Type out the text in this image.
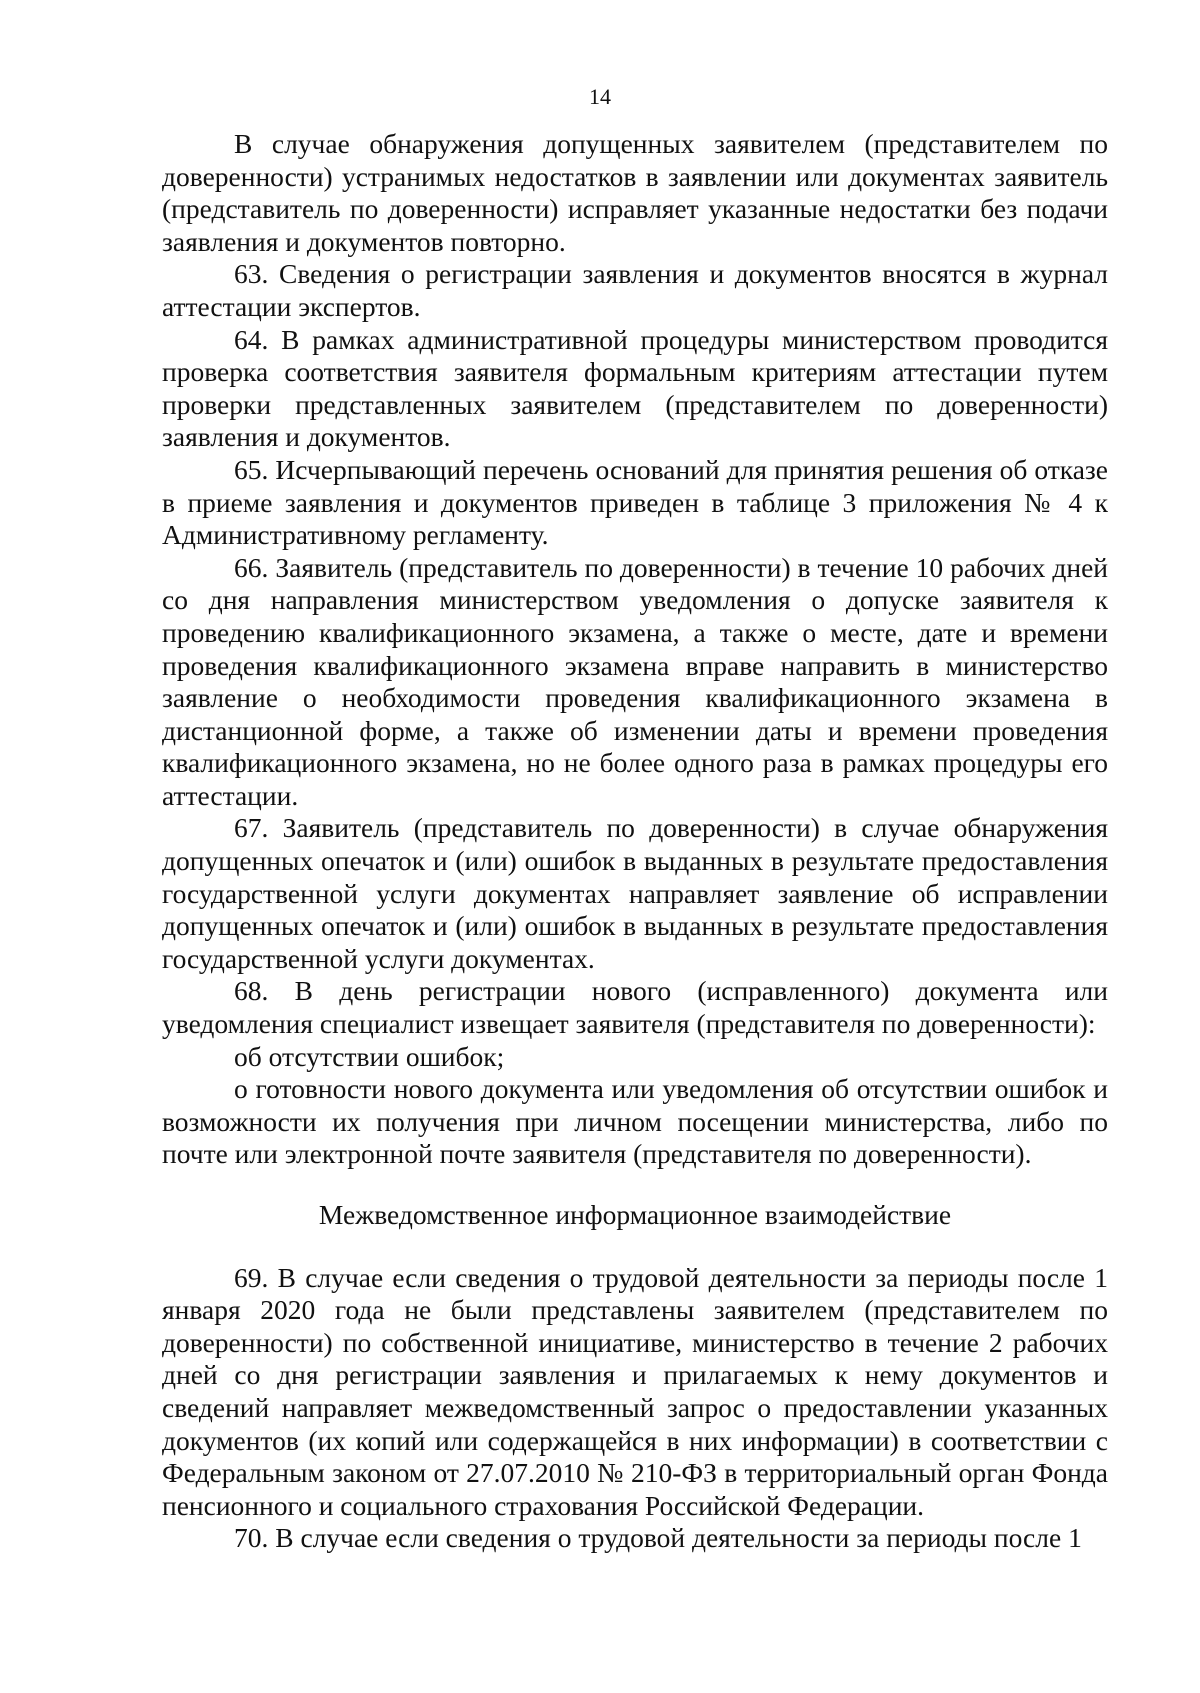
14

В случае обнаружения допущенных заявителем (представителем по доверенности) устранимых недостатков в заявлении или документах заявитель (представитель по доверенности) исправляет указанные недостатки без подачи заявления и документов повторно.

63. Сведения о регистрации заявления и документов вносятся в журнал аттестации экспертов.

64. В рамках административной процедуры министерством проводится проверка соответствия заявителя формальным критериям аттестации путем проверки представленных заявителем (представителем по доверенности) заявления и документов.

65. Исчерпывающий перечень оснований для принятия решения об отказе в приеме заявления и документов приведен в таблице 3 приложения № 4 к Административному регламенту.

66. Заявитель (представитель по доверенности) в течение 10 рабочих дней со дня направления министерством уведомления о допуске заявителя к проведению квалификационного экзамена, а также о месте, дате и времени проведения квалификационного экзамена вправе направить в министерство заявление о необходимости проведения квалификационного экзамена в дистанционной форме, а также об изменении даты и времени проведения квалификационного экзамена, но не более одного раза в рамках процедуры его аттестации.

67. Заявитель (представитель по доверенности) в случае обнаружения допущенных опечаток и (или) ошибок в выданных в результате предоставления государственной услуги документах направляет заявление об исправлении допущенных опечаток и (или) ошибок в выданных в результате предоставления государственной услуги документах.

68. В день регистрации нового (исправленного) документа или уведомления специалист извещает заявителя (представителя по доверенности):

об отсутствии ошибок;

о готовности нового документа или уведомления об отсутствии ошибок и возможности их получения при личном посещении министерства, либо по почте или электронной почте заявителя (представителя по доверенности).

Межведомственное информационное взаимодействие

69. В случае если сведения о трудовой деятельности за периоды после 1 января 2020 года не были представлены заявителем (представителем по доверенности) по собственной инициативе, министерство в течение 2 рабочих дней со дня регистрации заявления и прилагаемых к нему документов и сведений направляет межведомственный запрос о предоставлении указанных документов (их копий или содержащейся в них информации) в соответствии с Федеральным законом от 27.07.2010 № 210-ФЗ в территориальный орган Фонда пенсионного и социального страхования Российской Федерации.

70. В случае если сведения о трудовой деятельности за периоды после 1
